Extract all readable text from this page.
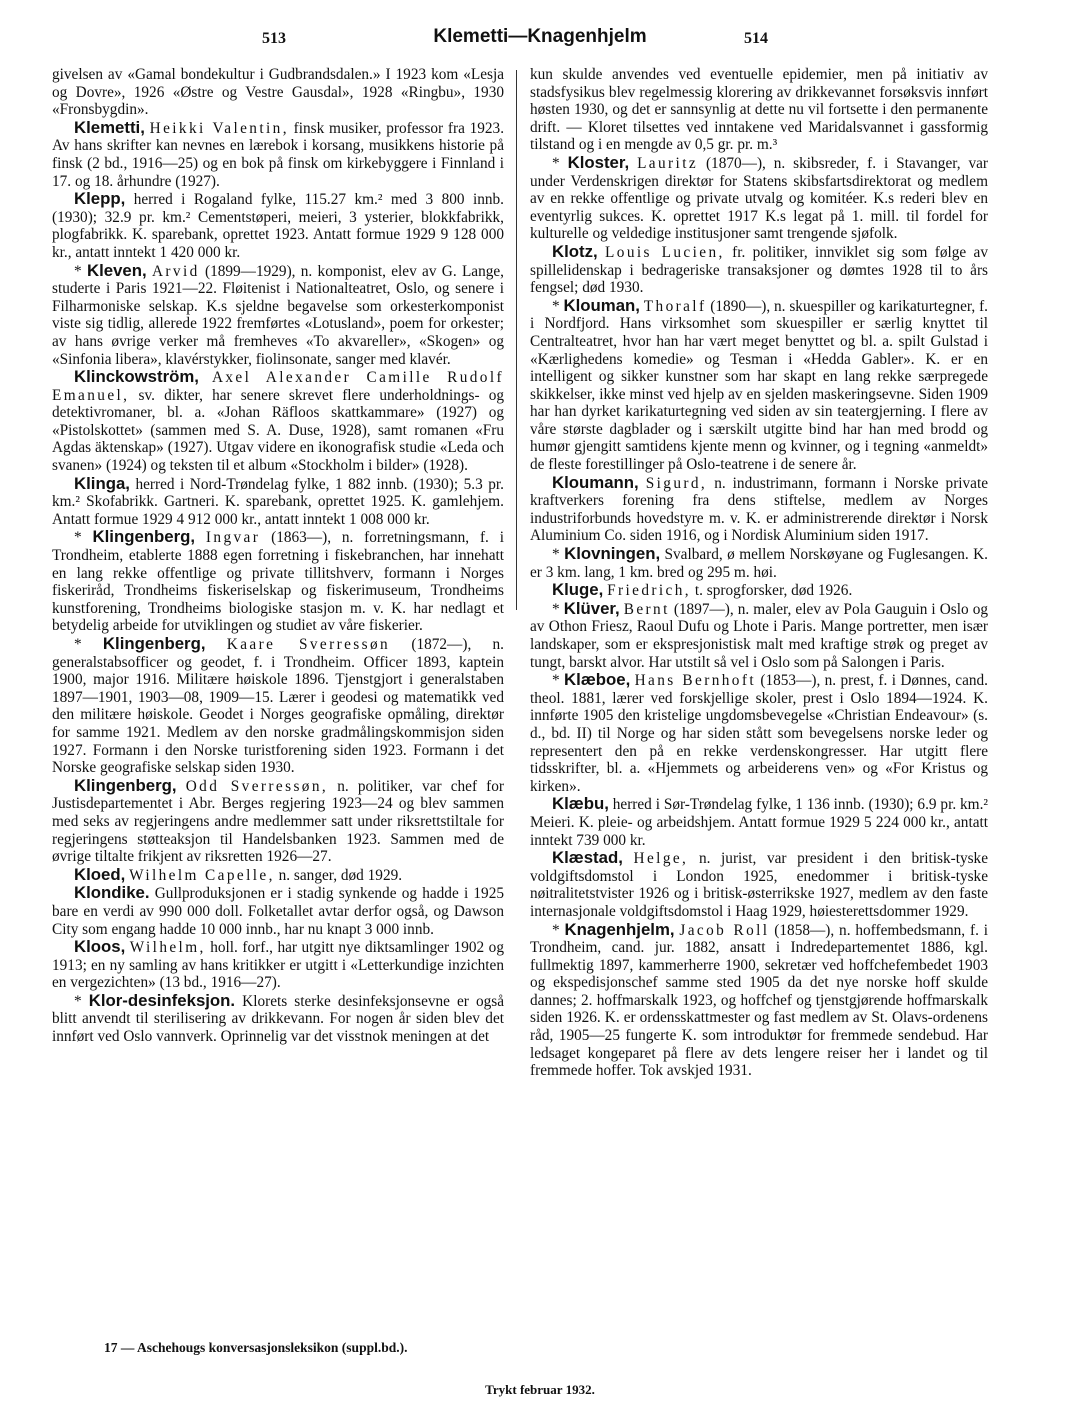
513	Klemetti—Knagenhjelm	514

givelsen av «Gamal bondekultur i Gudbrandsdalen.» I 1923 kom «Lesja og Dovre», 1926 «Østre og Vestre Gausdal», 1928 «Ringbu», 1930 «Fronsbygdin».

Klemetti, Heikki Valentin, finsk musiker, professor fra 1923. Av hans skrifter kan nevnes en lærebok i korsang, musikkens historie på finsk (2 bd., 1916—25) og en bok på finsk om kirkebyggere i Finnland i 17. og 18. århundre (1927).

Klepp, herred i Rogaland fylke, 115.27 km.² med 3 800 innb. (1930); 32.9 pr. km.² Cementstøperi, meieri, 3 ysterier, blokkfabrikk, plogfabrikk. K. sparebank, oprettet 1923. Antatt formue 1929 9 128 000 kr., antatt inntekt 1 420 000 kr.

* Kleven, Arvid (1899—1929), n. komponist, elev av G. Lange, studerte i Paris 1921—22. Fløitenist i Nationalteatret, Oslo, og senere i Filharmoniske selskap. K.s sjeldne begavelse som orkesterkomponist viste sig tidlig, allerede 1922 fremførtes «Lotusland», poem for orkester; av hans øvrige verker må fremheves «To akvareller», «Skogen» og «Sinfonia libera», klavérstykker, fiolinsonate, sanger med klavér.

Klinckowström, Axel Alexander Camille Rudolf Emanuel, sv. dikter, har senere skrevet flere underholdnings- og detektivromaner, bl. a. «Johan Räfloos skattkammare» (1927) og «Pistolskottet» (sammen med S. A. Duse, 1928), samt romanen «Fru Agdas äktenskap» (1927). Utgav videre en ikonografisk studie «Leda och svanen» (1924) og teksten til et album «Stockholm i bilder» (1928).

Klinga, herred i Nord-Trøndelag fylke, 1 882 innb. (1930); 5.3 pr. km.² Skofabrikk. Gartneri. K. sparebank, oprettet 1925. K. gamlehjem. Antatt formue 1929 4 912 000 kr., antatt inntekt 1 008 000 kr.

* Klingenberg, Ingvar (1863—), n. forretningsmann, f. i Trondheim, etablerte 1888 egen forretning i fiskebranchen, har innehatt en lang rekke offentlige og private tillitshverv, formann i Norges fiskeriråd, Trondheims fiskeriselskap og fiskerimuseum, Trondheims kunstforening, Trondheims biologiske stasjon m. v. K. har nedlagt et betydelig arbeide for utviklingen og studiet av våre fiskerier.

* Klingenberg, Kaare Sverressøn (1872—), n. generalstabsofficer og geodet, f. i Trondheim. Officer 1893, kaptein 1900, major 1916. Militære høiskole 1896. Tjenstgjort i generalstaben 1897—1901, 1903—08, 1909—15. Lærer i geodesi og matematikk ved den militære høiskole. Geodet i Norges geografiske opmåling, direktør for samme 1921. Medlem av den norske gradmålingskommisjon siden 1927. Formann i den Norske turistforening siden 1923. Formann i det Norske geografiske selskap siden 1930.

Klingenberg, Odd Sverressøn, n. politiker, var chef for Justisdepartementet i Abr. Berges regjering 1923—24 og blev sammen med seks av regjeringens andre medlemmer satt under riksrettstiltale for regjeringens støtteaksjon til Handelsbanken 1923. Sammen med de øvrige tiltalte frikjent av riksretten 1926—27.

Kloed, Wilhelm Capelle, n. sanger, død 1929.

Klondike. Gullproduksjonen er i stadig synkende og hadde i 1925 bare en verdi av 990 000 doll. Folketallet avtar derfor også, og Dawson City som engang hadde 10 000 innb., har nu knapt 3 000 innb.

Kloos, Wilhelm, holl. forf., har utgitt nye diktsamlinger 1902 og 1913; en ny samling av hans kritikker er utgitt i «Letterkundige inzichten en vergezichten» (13 bd., 1916—27).

* Klor-desinfeksjon. Klorets sterke desinfeksjonsevne er også blitt anvendt til sterilisering av drikkevann. For nogen år siden blev det innført ved Oslo vannverk. Oprinnelig var det visstnok meningen at det

kun skulde anvendes ved eventuelle epidemier, men på initiativ av stadsfysikus blev regelmessig klorering av drikkevannet forsøksvis innført høsten 1930, og det er sannsynlig at dette nu vil fortsette i den permanente drift. — Kloret tilsettes ved inntakene ved Maridalsvannet i gassformig tilstand og i en mengde av 0,5 gr. pr. m.³

* Kloster, Lauritz (1870—), n. skibsreder, f. i Stavanger, var under Verdenskrigen direktør for Statens skibsfartsdirektorat og medlem av en rekke offentlige og private utvalg og komitéer. K.s rederi blev en eventyrlig sukces. K. oprettet 1917 K.s legat på 1. mill. til fordel for kulturelle og veldedige institusjoner samt trengende sjøfolk.

Klotz, Louis Lucien, fr. politiker, innviklet sig som følge av spillelidenskap i bedrageriske transaksjoner og dømtes 1928 til to års fengsel; død 1930.

* Klouman, Thoralf (1890—), n. skuespiller og karikaturtegner, f. i Nordfjord. Hans virksomhet som skuespiller er særlig knyttet til Centralteatret, hvor han har vært meget benyttet og bl. a. spilt Gulstad i «Kærlighedens komedie» og Tesman i «Hedda Gabler». K. er en intelligent og sikker kunstner som har skapt en lang rekke særpregede skikkelser, ikke minst ved hjelp av en sjelden maskeringsevne. Siden 1909 har han dyrket karikaturtegning ved siden av sin teatergjerning. I flere av våre største dagblader og i særskilt utgitte bind har han med brodd og humør gjengitt samtidens kjente menn og kvinner, og i tegning «anmeldt» de fleste forestillinger på Oslo-teatrene i de senere år.

Kloumann, Sigurd, n. industrimann, formann i Norske private kraftverkers forening fra dens stiftelse, medlem av Norges industriforbunds hovedstyre m. v. K. er administrerende direktør i Norsk Aluminium Co. siden 1916, og i Nordisk Aluminium siden 1917.

* Klovningen, Svalbard, ø mellem Norskøyane og Fuglesangen. K. er 3 km. lang, 1 km. bred og 295 m. høi.

Kluge, Friedrich, t. sprogforsker, død 1926.

* Klüver, Bernt (1897—), n. maler, elev av Pola Gauguin i Oslo og av Othon Friesz, Raoul Dufu og Lhote i Paris. Mange portretter, men især landskaper, som er ekspresjonistisk malt med kraftige strøk og preget av tungt, barskt alvor. Har utstilt så vel i Oslo som på Salongen i Paris.

* Klæboe, Hans Bernhoft (1853—), n. prest, f. i Dønnes, cand. theol. 1881, lærer ved forskjellige skoler, prest i Oslo 1894—1924. K. innførte 1905 den kristelige ungdomsbevegelse «Christian Endeavour» (s. d., bd. II) til Norge og har siden stått som bevegelsens norske leder og representert den på en rekke verdenskongresser. Har utgitt flere tidsskrifter, bl. a. «Hjemmets og arbeiderens ven» og «For Kristus og kirken».

Klæbu, herred i Sør-Trøndelag fylke, 1 136 innb. (1930); 6.9 pr. km.² Meieri. K. pleie- og arbeidshjem. Antatt formue 1929 5 224 000 kr., antatt inntekt 739 000 kr.

Klæstad, Helge, n. jurist, var president i den britisk-tyske voldgiftsdomstol i London 1925, enedommer i britisk-tyske nøitralitetstvister 1926 og i britisk-østerrikske 1927, medlem av den faste internasjonale voldgiftsdomstol i Haag 1929, høiesterettsdommer 1929.

* Knagenhjelm, Jacob Roll (1858—), n. hoffembedsmann, f. i Trondheim, cand. jur. 1882, ansatt i Indredepartementet 1886, kgl. fullmektig 1897, kammerherre 1900, sekretær ved hoffchefembedet 1903 og ekspedisjonschef samme sted 1905 da det nye norske hoff skulde dannes; 2. hoffmarskalk 1923, og hoffchef og tjenstgjørende hoffmarskalk siden 1926. K. er ordensskattmester og fast medlem av St. Olavs-ordenens råd, 1905—25 fungerte K. som introduktør for fremmede sendebud. Har ledsaget kongeparet på flere av dets lengere reiser her i landet og til fremmede hoffer. Tok avskjed 1931.

17 — Aschehougs konversasjonsleksikon (suppl.bd.).
Trykt februar 1932.
